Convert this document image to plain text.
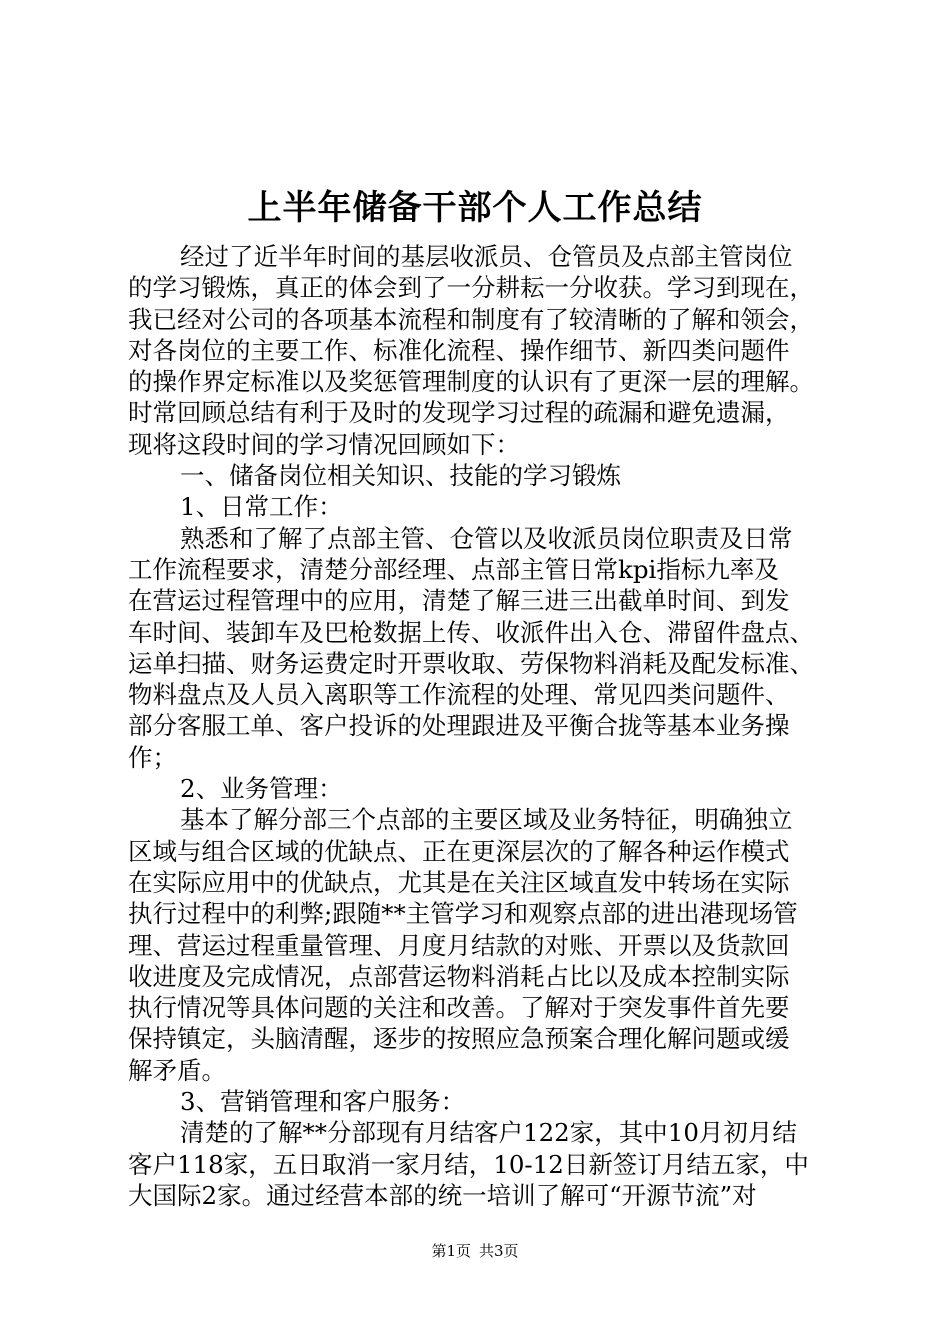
上半年储备干部个人工作总结
经过了近半年时间的基层收派员、仓管员及点部主管岗位
的学习锻炼，真正的体会到了一分耕耘一分收获。学习到现在，
我已经对公司的各项基本流程和制度有了较清晰的了解和领会，
对各岗位的主要工作、标准化流程、操作细节、新四类问题件
的操作界定标准以及奖惩管理制度的认识有了更深一层的理解。
时常回顾总结有利于及时的发现学习过程的疏漏和避免遗漏，
现将这段时间的学习情况回顾如下：
一、储备岗位相关知识、技能的学习锻炼
1、日常工作：
熟悉和了解了点部主管、仓管以及收派员岗位职责及日常
工作流程要求，清楚分部经理、点部主管日常kpi指标九率及
在营运过程管理中的应用，清楚了解三进三出截单时间、到发
车时间、装卸车及巴枪数据上传、收派件出入仓、滞留件盘点、
运单扫描、财务运费定时开票收取、劳保物料消耗及配发标准、
物料盘点及人员入离职等工作流程的处理、常见四类问题件、
部分客服工单、客户投诉的处理跟进及平衡合拢等基本业务操
作；
2、业务管理：
基本了解分部三个点部的主要区域及业务特征，明确独立
区域与组合区域的优缺点、正在更深层次的了解各种运作模式
在实际应用中的优缺点，尤其是在关注区域直发中转场在实际
执行过程中的利弊;跟随**主管学习和观察点部的进出港现场管
理、营运过程重量管理、月度月结款的对账、开票以及货款回
收进度及完成情况，点部营运物料消耗占比以及成本控制实际
执行情况等具体问题的关注和改善。了解对于突发事件首先要
保持镇定，头脑清醒，逐步的按照应急预案合理化解问题或缓
解矛盾。
3、营销管理和客户服务：
清楚的了解**分部现有月结客户122家，其中10月初月结
客户118家，五日取消一家月结，10-12日新签订月结五家，中
大国际2家。通过经营本部的统一培训了解可“开源节流”对
第1页 共3页
